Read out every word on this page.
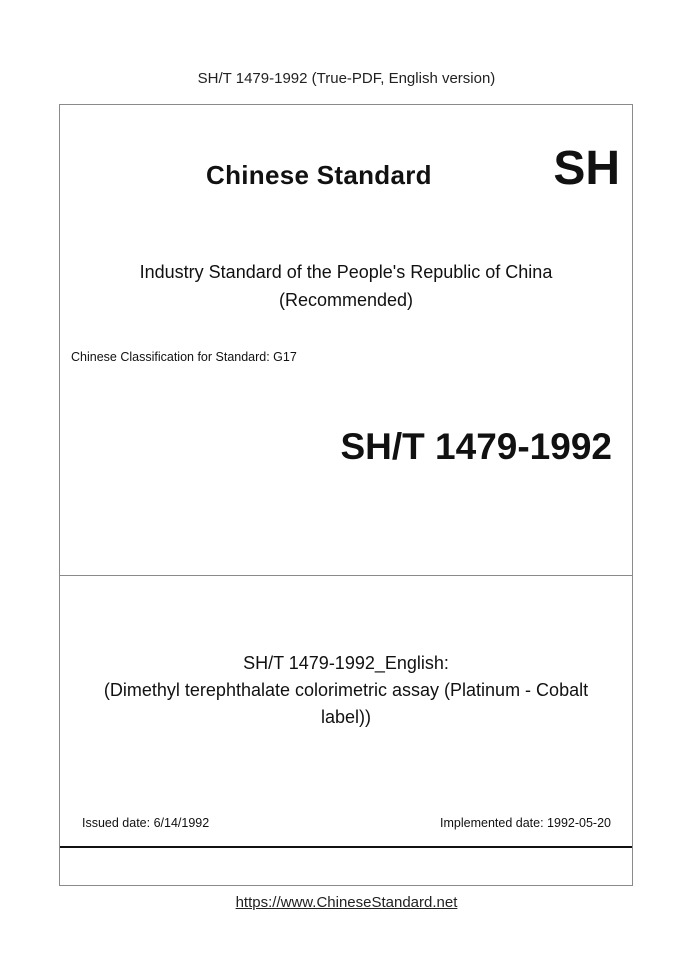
SH/T 1479-1992 (True-PDF, English version)
Chinese Standard	SH
Industry Standard of the People's Republic of China
(Recommended)
Chinese Classification for Standard: G17
SH/T 1479-1992
SH/T 1479-1992_English:
(Dimethyl terephthalate colorimetric assay (Platinum - Cobalt
label))
Issued date: 6/14/1992	Implemented date: 1992-05-20
https://www.ChineseStandard.net
